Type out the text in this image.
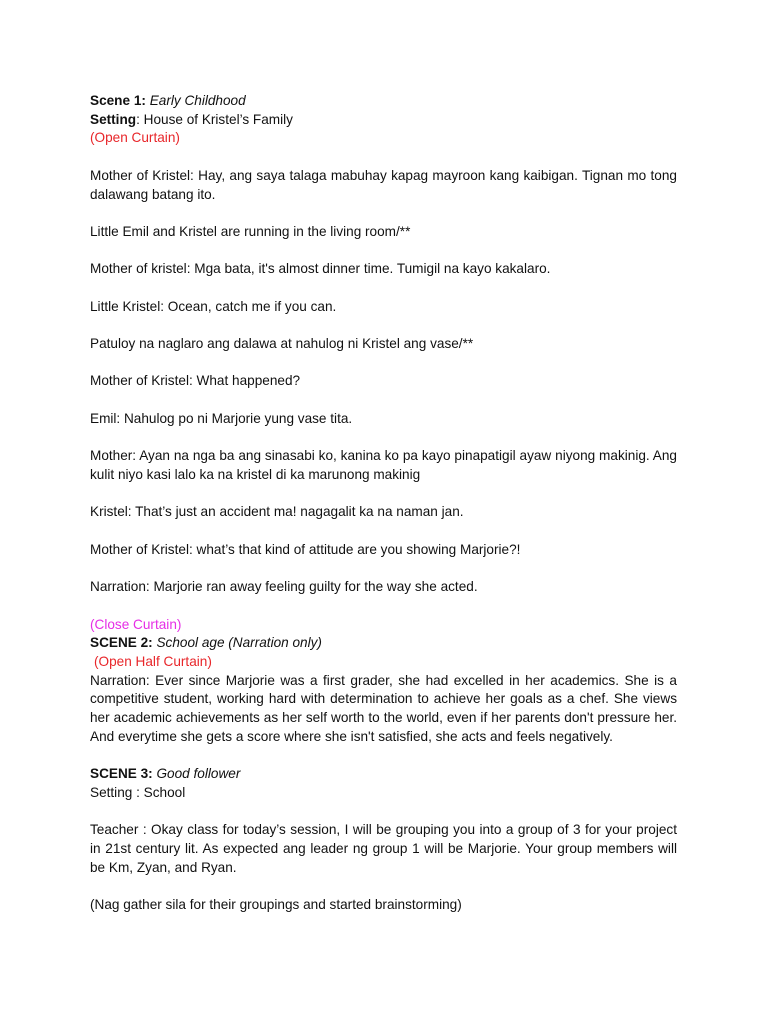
Scene 1: Early Childhood
Setting: House of Kristel’s Family
(Open Curtain)

Mother of Kristel: Hay, ang saya talaga mabuhay kapag mayroon kang kaibigan. Tignan mo tong dalawang batang ito.

Little Emil and Kristel are running in the living room/**

Mother of kristel: Mga bata, it's almost dinner time. Tumigil na kayo kakalaro.

Little Kristel: Ocean, catch me if you can.

Patuloy na naglaro ang dalawa at nahulog ni Kristel ang vase/**

Mother of Kristel: What happened?

Emil: Nahulog po ni Marjorie yung vase tita.

Mother: Ayan na nga ba ang sinasabi ko, kanina ko pa kayo pinapatigil ayaw niyong makinig. Ang kulit niyo kasi lalo ka na kristel di ka marunong makinig

Kristel: That’s just an accident ma! nagagalit ka na naman jan.

Mother of Kristel: what’s that kind of attitude are you showing Marjorie?!

Narration: Marjorie ran away feeling guilty for the way she acted.

(Close Curtain)
SCENE 2: School age (Narration only)
(Open Half Curtain)

Narration: Ever since Marjorie was a first grader, she had excelled in her academics. She is a competitive student, working hard with determination to achieve her goals as a chef. She views her academic achievements as her self worth to the world, even if her parents don't pressure her. And everytime she gets a score where she isn't satisfied, she acts and feels negatively.

SCENE 3: Good follower
Setting : School

Teacher : Okay class for today’s session, I will be grouping you into a group of 3 for your project in 21st century lit. As expected ang leader ng group 1 will be Marjorie. Your group members will be Km, Zyan, and Ryan.

(Nag gather sila for their groupings and started brainstorming)
